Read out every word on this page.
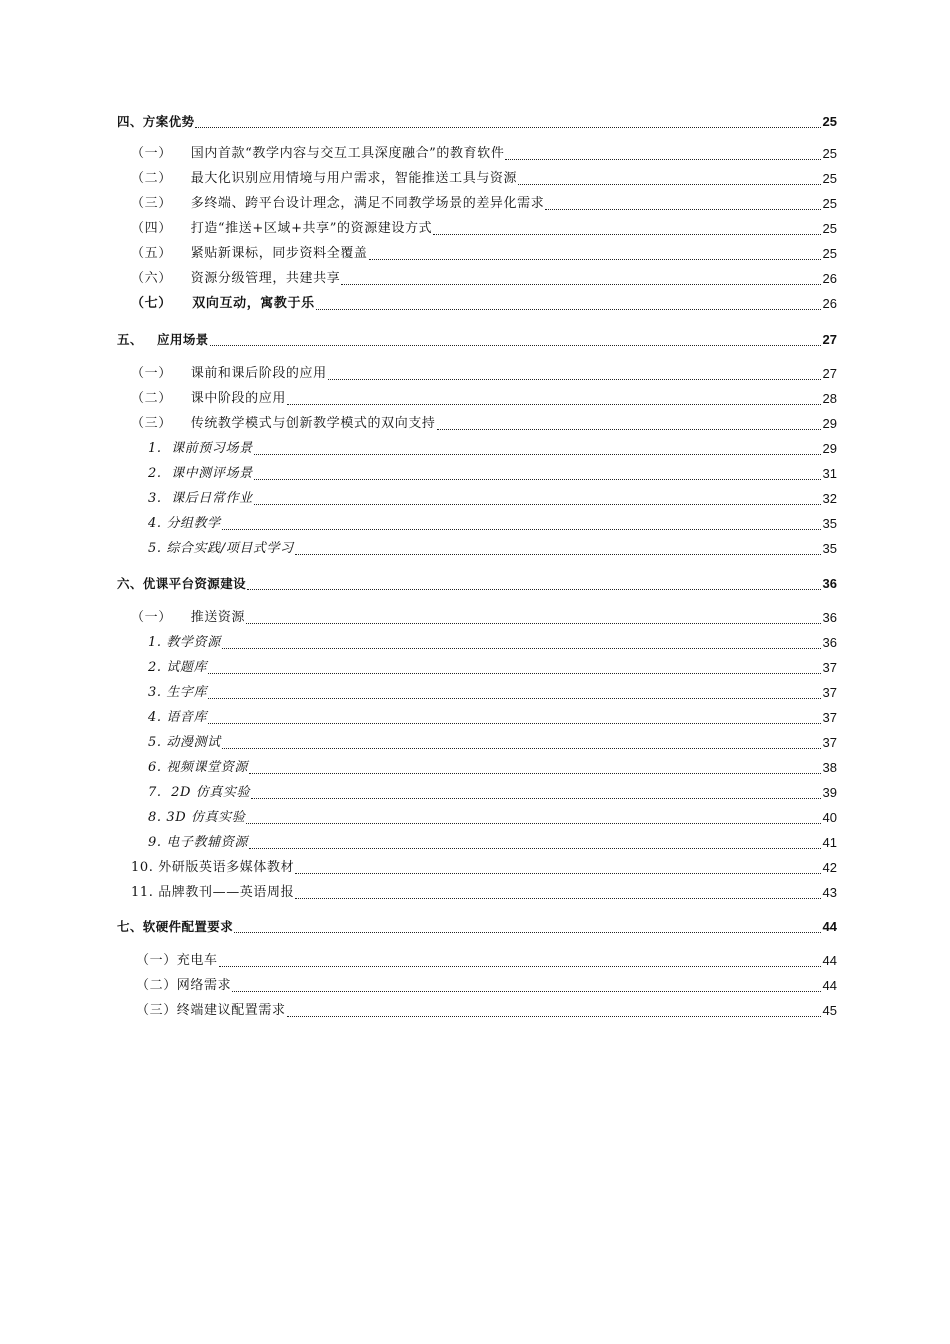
四、方案优势	25
（一）    国内首款“教学内容与交互工具深度融合”的教育软件	25
（二）    最大化识别应用情境与用户需求，智能推送工具与资源	25
（三）    多终端、跨平台设计理念，满足不同教学场景的差异化需求	25
（四）    打造“推送+区域+共享”的资源建设方式	25
（五）    紧贴新课标，同步资料全覆盖	25
（六）    资源分级管理，共建共享	26
（七）    双向互动，寓教于乐	26
五、   应用场景	27
（一）    课前和课后阶段的应用	27
（二）    课中阶段的应用	28
（三）    传统教学模式与创新教学模式的双向支持	29
1.  课前预习场景	29
2.  课中测评场景	31
3.  课后日常作业	32
4. 分组教学	35
5. 综合实践/项目式学习	35
六、优课平台资源建设	36
（一）    推送资源	36
1. 教学资源	36
2. 试题库	37
3. 生字库	37
4. 语音库	37
5. 动漫测试	37
6. 视频课堂资源	38
7.  2D 仿真实验	39
8. 3D 仿真实验	40
9. 电子教辅资源	41
10. 外研版英语多媒体教材	42
11. 品牌教刊——英语周报	43
七、软硬件配置要求	44
（一）充电车	44
（二）网络需求	44
（三）终端建议配置需求	45
